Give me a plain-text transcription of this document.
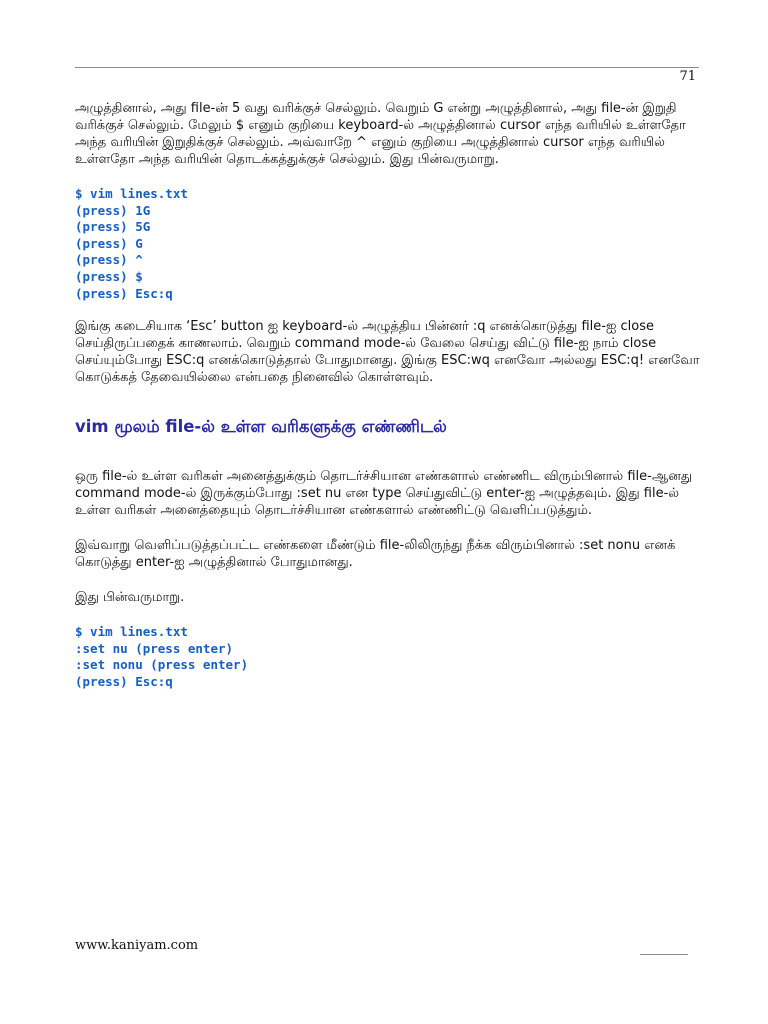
71

அழுத்தினால், அது file-ன் 5 வது வரிக்குச் செல்லும். வெறும் G என்று அழுத்தினால், அது file-ன் இறுதி வரிக்குச் செல்லும். மேலும் $ எனும் குறியை keyboard-ல் அழுத்தினால் cursor எந்த வரியில் உள்ளதோ அந்த வரியின் இறுதிக்குச் செல்லும். அவ்வாறே ^ எனும் குறியை அழுத்தினால் cursor எந்த வரியில் உள்ளதோ அந்த வரியின் தொடக்கத்துக்குச் செல்லும். இது பின்வருமாறு.

$ vim lines.txt
(press) 1G
(press) 5G
(press) G
(press) ^
(press) $
(press) Esc:q

இங்கு கடைசியாக ‘Esc’ button ஐ keyboard-ல் அழுத்திய பின்னர் :q எனக்கொடுத்து file-ஐ close செய்திருப்பதைக் காணலாம். வெறும் command mode-ல் வேலை செய்து விட்டு file-ஐ நாம் close செய்யும்போது ESC:q எனக்கொடுத்தால் போதுமானது. இங்கு ESC:wq எனவோ அல்லது ESC:q! எனவோ கொடுக்கத் தேவையில்லை என்பதை நினைவில் கொள்ளவும்.

vim மூலம் file-ல் உள்ள வரிகளுக்கு எண்ணிடல்

ஒரு file-ல் உள்ள வரிகள் அனைத்துக்கும் தொடர்ச்சியான எண்களால் எண்ணிட விரும்பினால் file-ஆனது command mode-ல் இருக்கும்போது :set nu என type செய்துவிட்டு enter-ஐ அழுத்தவும். இது file-ல் உள்ள வரிகள் அனைத்தையும் தொடர்ச்சியான எண்களால் எண்ணிட்டு வெளிப்படுத்தும்.

இவ்வாறு வெளிப்படுத்தப்பட்ட எண்களை மீண்டும் file-லிலிருந்து நீக்க விரும்பினால் :set nonu எனக் கொடுத்து enter-ஐ அழுத்தினால் போதுமானது.

இது பின்வருமாறு.

$ vim lines.txt
:set nu (press enter)
:set nonu (press enter)
(press) Esc:q
www.kaniyam.com
